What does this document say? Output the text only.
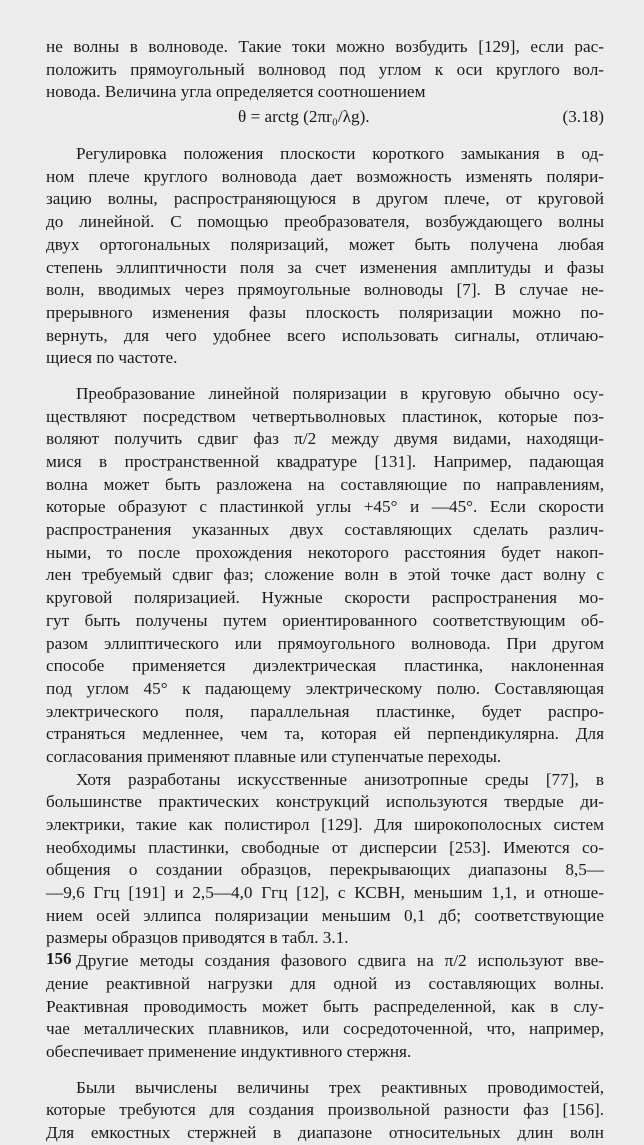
не волны в волноводе. Такие токи можно возбудить [129], если рас-
положить прямоугольный волновод под углом к оси круглого вол-
новода. Величина угла определяется соотношением
θ = arctg (2πr₀/λg).	(3.18)
Регулировка положения плоскости короткого замыкания в од-
ном плече круглого волновода дает возможность изменять поляри-
зацию волны, распространяющуюся в другом плече, от круговой
до линейной. С помощью преобразователя, возбуждающего волны
двух ортогональных поляризаций, может быть получена любая
степень эллиптичности поля за счет изменения амплитуды и фазы
волн, вводимых через прямоугольные волноводы [7]. В случае не-
прерывного изменения фазы плоскость поляризации можно по-
вернуть, для чего удобнее всего использовать сигналы, отличаю-
щиеся по частоте.
Преобразование линейной поляризации в круговую обычно осу-
ществляют посредством четвертьволновых пластинок, которые поз-
воляют получить сдвиг фаз π/2 между двумя видами, находящи-
мися в пространственной квадратуре [131]. Например, падающая
волна может быть разложена на составляющие по направлениям,
которые образуют с пластинкой углы +45° и —45°. Если скорости
распространения указанных двух составляющих сделать различ-
ными, то после прохождения некоторого расстояния будет накоп-
лен требуемый сдвиг фаз; сложение волн в этой точке даст волну с
круговой поляризацией. Нужные скорости распространения мо-
гут быть получены путем ориентированного соответствующим об-
разом эллиптического или прямоугольного волновода. При другом
способе применяется диэлектрическая пластинка, наклоненная
под углом 45° к падающему электрическому полю. Составляющая
электрического поля, параллельная пластинке, будет распро-
страняться медленнее, чем та, которая ей перпендикулярна. Для
согласования применяют плавные или ступенчатые переходы.
Хотя разработаны искусственные анизотропные среды [77], в
большинстве практических конструкций используются твердые ди-
электрики, такие как полистирол [129]. Для широкополосных систем
необходимы пластинки, свободные от дисперсии [253]. Имеются со-
общения о создании образцов, перекрывающих диапазоны 8,5—
—9,6 Ггц [191] и 2,5—4,0 Ггц [12], с КСВН, меньшим 1,1, и отноше-
нием осей эллипса поляризации меньшим 0,1 дб; соответствующие
размеры образцов приводятся в табл. 3.1.
Другие методы создания фазового сдвига на π/2 используют вве-
дение реактивной нагрузки для одной из составляющих волны.
Реактивная проводимость может быть распределенной, как в слу-
чае металлических плавников, или сосредоточенной, что, например,
обеспечивает применение индуктивного стержня.
Были вычислены величины трех реактивных проводимостей,
которые требуются для создания произвольной разности фаз [156].
Для емкостных стержней в диапазоне относительных длин волн
156
